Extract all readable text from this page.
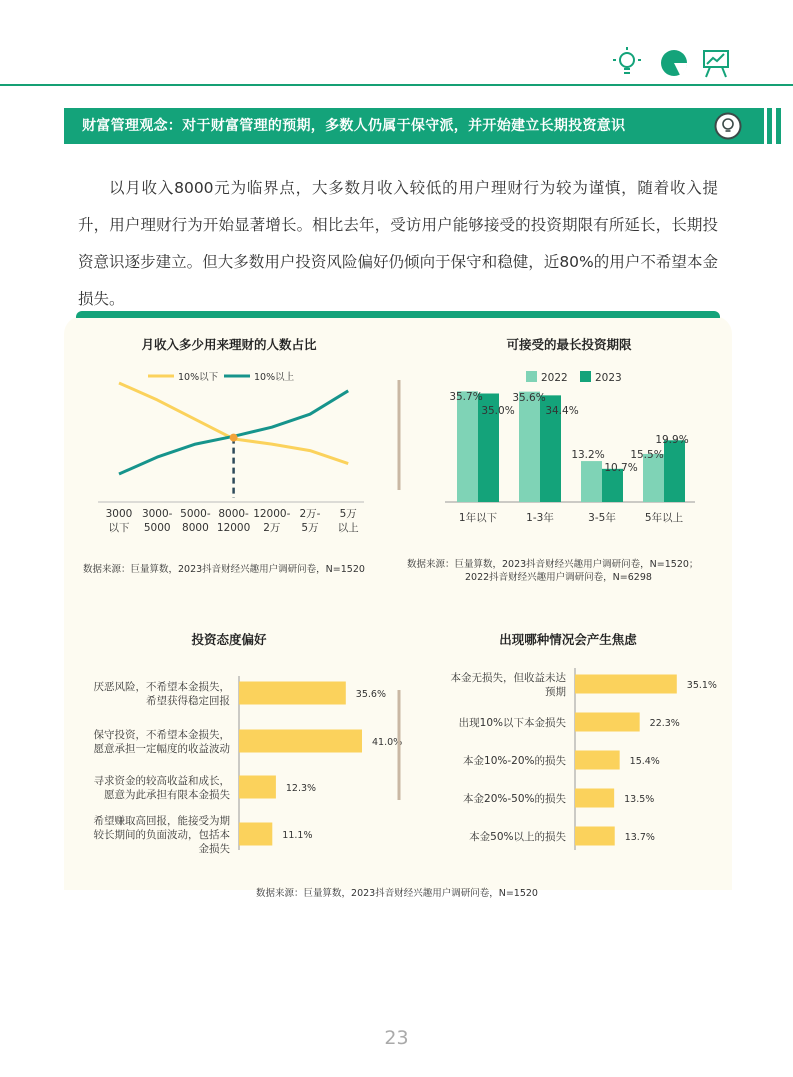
财富管理观念：对于财富管理的预期，多数人仍属于保守派，并开始建立长期投资意识
以月收入8000元为临界点，大多数月收入较低的用户理财行为较为谨慎，随着收入提升，用户理财行为开始显著增长。相比去年，受访用户能够接受的投资期限有所延长，长期投资意识逐步建立。但大多数用户投资风险偏好仍倾向于保守和稳健，近80%的用户不希望本金损失。
月收入多少用来理财的人数占比
10%以下	10%以上
3000
以下
3000-
5000
5000-
8000
8000-
12000
12000-
2万
2万-
5万
5万
以上
数据来源：巨量算数，2023抖音财经兴趣用户调研问卷，N=1520
可接受的最长投资期限
2022	2023
1年以下	1-3年	3-5年	5年以上
35.7%
35.0%
35.6%
34.4%
13.2%
10.7%
15.5%
19.9%
数据来源：巨量算数，2023抖音财经兴趣用户调研问卷，N=1520；
2022抖音财经兴趣用户调研问卷，N=6298
投资态度偏好
35.6%
厌恶风险，不希望本金损失，
希望获得稳定回报
41.0%
保守投资，不希望本金损失，
愿意承担一定幅度的收益波动
12.3%
寻求资金的较高收益和成长，
愿意为此承担有限本金损失
11.1%
希望赚取高回报，能接受为期
较长期间的负面波动，包括本
金损失
出现哪种情况会产生焦虑
35.1%
本金无损失，但收益未达
预期
22.3%
出现10%以下本金损失
15.4%
本金10%-20%的损失
13.5%
本金20%-50%的损失
13.7%
本金50%以上的损失
数据来源：巨量算数，2023抖音财经兴趣用户调研问卷，N=1520
23
